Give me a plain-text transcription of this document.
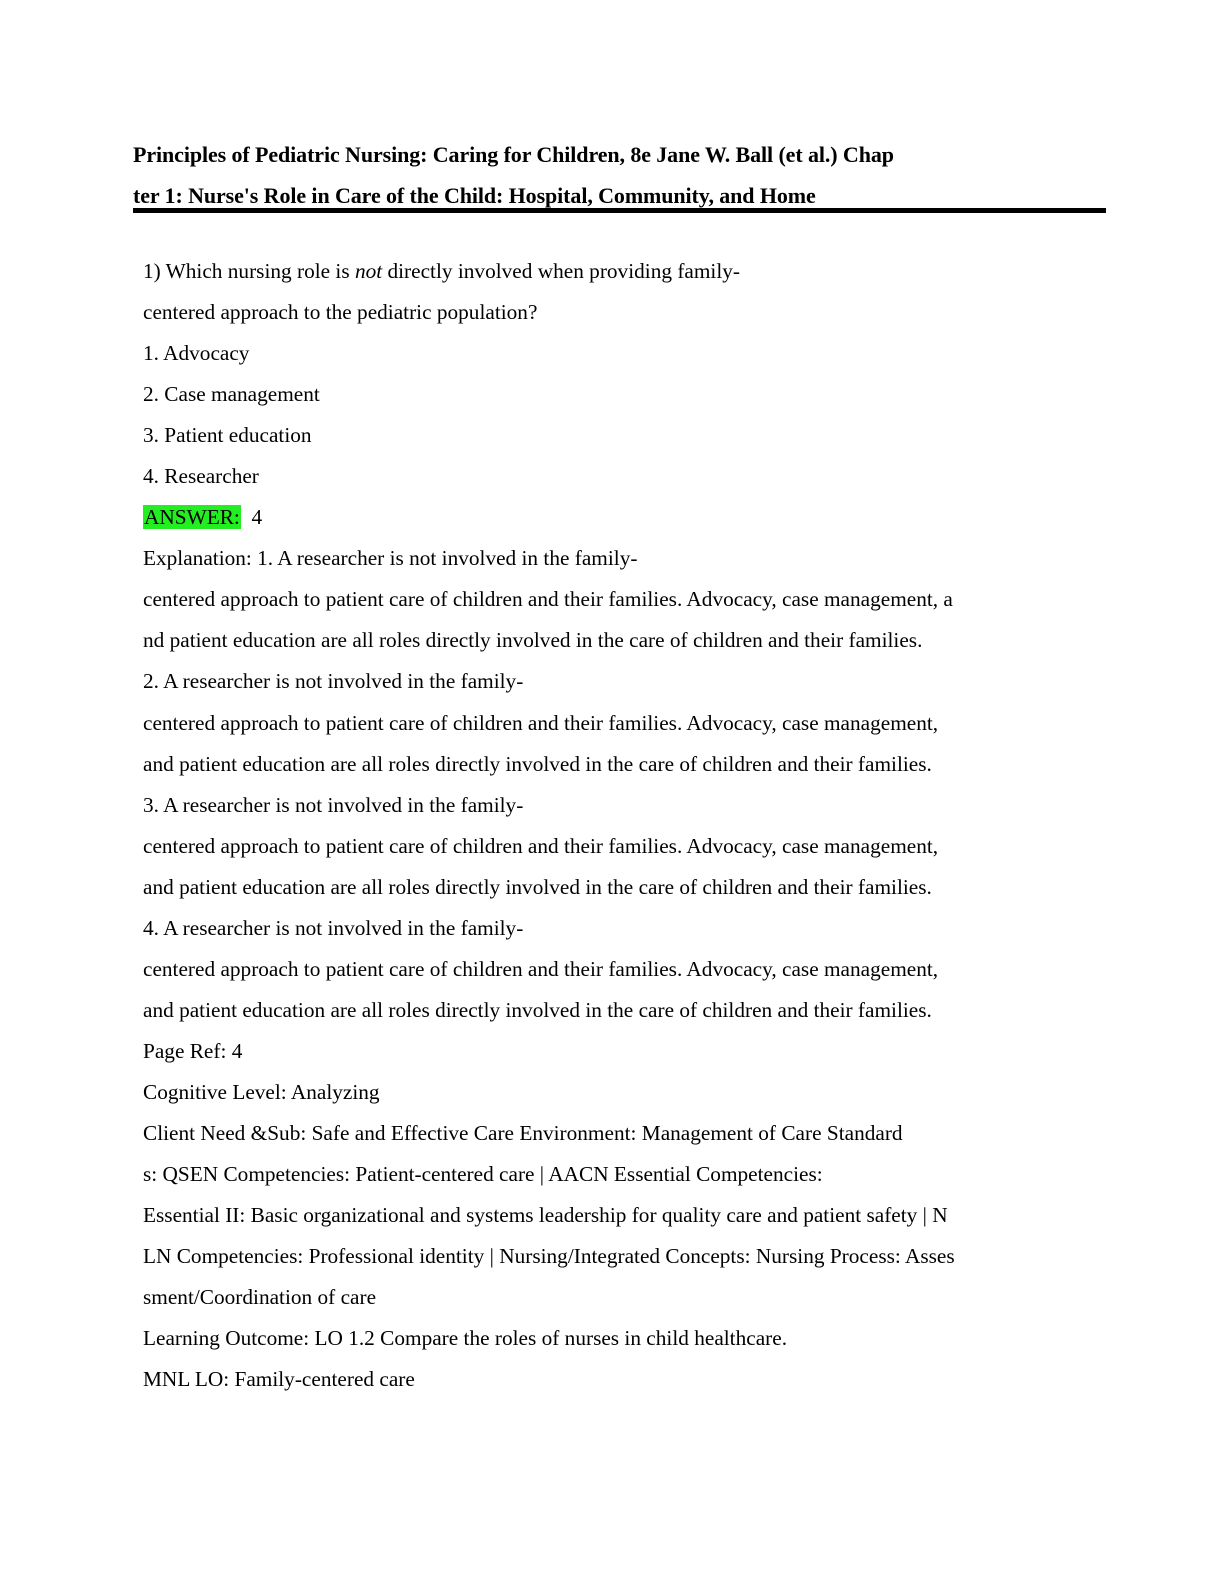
Principles of Pediatric Nursing: Caring for Children, 8e Jane W. Ball (et al.) Chap
ter 1: Nurse's Role in Care of the Child: Hospital, Community, and Home
1) Which nursing role is not directly involved when providing family-
centered approach to the pediatric population?
1. Advocacy
2. Case management
3. Patient education
4. Researcher
ANSWER: 4
Explanation: 1. A researcher is not involved in the family-
centered approach to patient care of children and their families. Advocacy, case management, a
nd patient education are all roles directly involved in the care of children and their families.
2. A researcher is not involved in the family-
centered approach to patient care of children and their families. Advocacy, case management,
and patient education are all roles directly involved in the care of children and their families.
3. A researcher is not involved in the family-
centered approach to patient care of children and their families. Advocacy, case management,
and patient education are all roles directly involved in the care of children and their families.
4. A researcher is not involved in the family-
centered approach to patient care of children and their families. Advocacy, case management,
and patient education are all roles directly involved in the care of children and their families.
Page Ref: 4
Cognitive Level: Analyzing
Client Need &Sub: Safe and Effective Care Environment: Management of Care Standard
s: QSEN Competencies: Patient-centered care | AACN Essential Competencies:
Essential II: Basic organizational and systems leadership for quality care and patient safety | N
LN Competencies: Professional identity | Nursing/Integrated Concepts: Nursing Process: Asses
sment/Coordination of care
Learning Outcome: LO 1.2 Compare the roles of nurses in child healthcare.
MNL LO: Family-centered care
